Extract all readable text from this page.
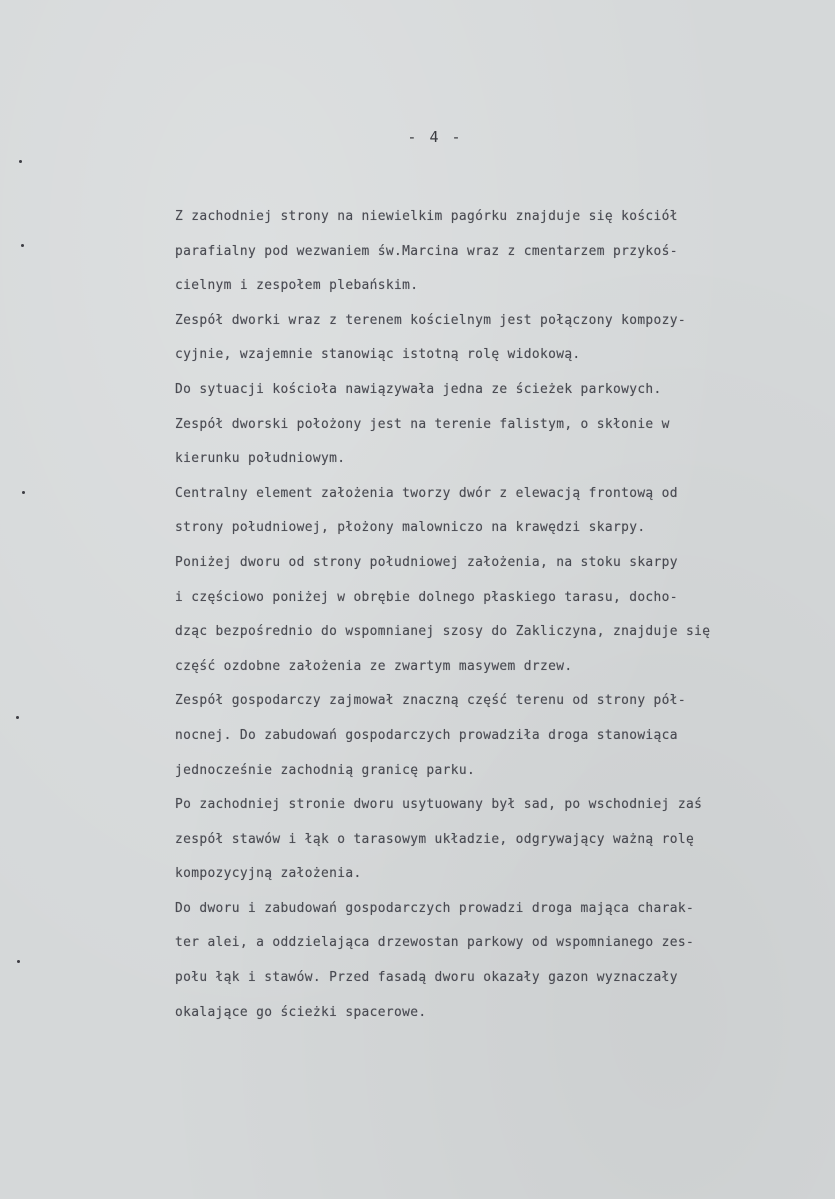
- 4 -
Z zachodniej strony na niewielkim pagórku znajduje się kościół
parafialny pod wezwaniem św.Marcina wraz z cmentarzem przykoś-
cielnym i zespołem plebańskim.
Zespół dworki wraz z terenem kościelnym jest połączony kompozy-
cyjnie, wzajemnie stanowiąc istotną rolę widokową.
Do sytuacji kościoła nawiązywała jedna ze ścieżek parkowych.
Zespół dworski położony jest na terenie falistym, o skłonie w
kierunku południowym.
Centralny element założenia tworzy dwór z elewacją frontową od
strony południowej, płożony malowniczo na krawędzi skarpy.
Poniżej dworu od strony południowej założenia, na stoku skarpy
i częściowo poniżej w obrębie dolnego płaskiego tarasu, docho-
dząc bezpośrednio do wspomnianej szosy do Zakliczyna, znajduje się
część ozdobne założenia ze zwartym masywem drzew.
Zespół gospodarczy zajmował znaczną część terenu od strony pół-
nocnej. Do zabudowań gospodarczych prowadziła droga stanowiąca
jednocześnie zachodnią granicę parku.
Po zachodniej stronie dworu usytuowany był sad, po wschodniej zaś
zespół stawów i łąk o tarasowym układzie, odgrywający ważną rolę
kompozycyjną założenia.
Do dworu i zabudowań gospodarczych prowadzi droga mająca charak-
ter alei, a oddzielająca drzewostan parkowy od wspomnianego zes-
połu łąk i stawów. Przed fasadą dworu okazały gazon wyznaczały
okalające go ścieżki spacerowe.
